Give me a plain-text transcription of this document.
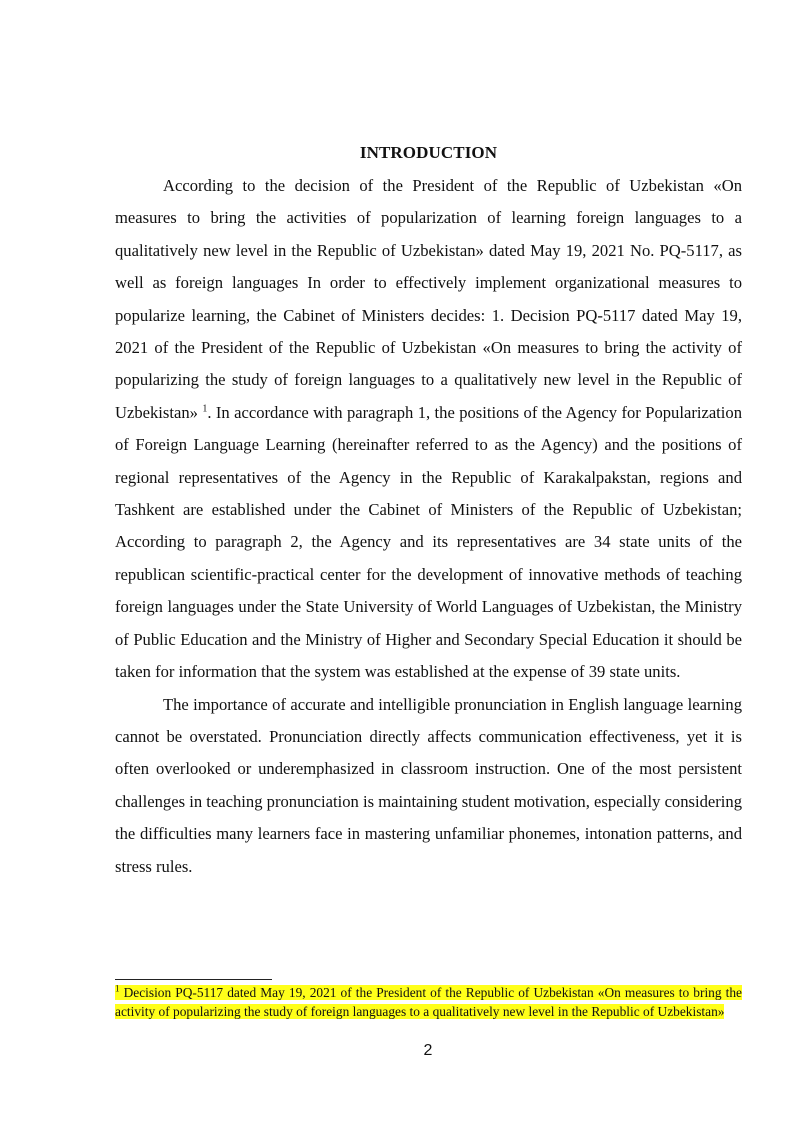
INTRODUCTION

According to the decision of the President of the Republic of Uzbekistan «On measures to bring the activities of popularization of learning foreign languages to a qualitatively new level in the Republic of Uzbekistan» dated May 19, 2021 No. PQ-5117, as well as foreign languages In order to effectively implement organizational measures to popularize learning, the Cabinet of Ministers decides: 1. Decision PQ-5117 dated May 19, 2021 of the President of the Republic of Uzbekistan «On measures to bring the activity of popularizing the study of foreign languages to a qualitatively new level in the Republic of Uzbekistan» $^1$. In accordance with paragraph 1, the positions of the Agency for Popularization of Foreign Language Learning (hereinafter referred to as the Agency) and the positions of regional representatives of the Agency in the Republic of Karakalpakstan, regions and Tashkent are established under the Cabinet of Ministers of the Republic of Uzbekistan; According to paragraph 2, the Agency and its representatives are 34 state units of the republican scientific-practical center for the development of innovative methods of teaching foreign languages under the State University of World Languages of Uzbekistan, the Ministry of Public Education and the Ministry of Higher and Secondary Special Education it should be taken for information that the system was established at the expense of 39 state units.

The importance of accurate and intelligible pronunciation in English language learning cannot be overstated. Pronunciation directly affects communication effectiveness, yet it is often overlooked or underemphasized in classroom instruction. One of the most persistent challenges in teaching pronunciation is maintaining student motivation, especially considering the difficulties many learners face in mastering unfamiliar phonemes, intonation patterns, and stress rules.

$^1$ Decision PQ-5117 dated May 19, 2021 of the President of the Republic of Uzbekistan «On measures to bring the activity of popularizing the study of foreign languages to a qualitatively new level in the Republic of Uzbekistan»
2
